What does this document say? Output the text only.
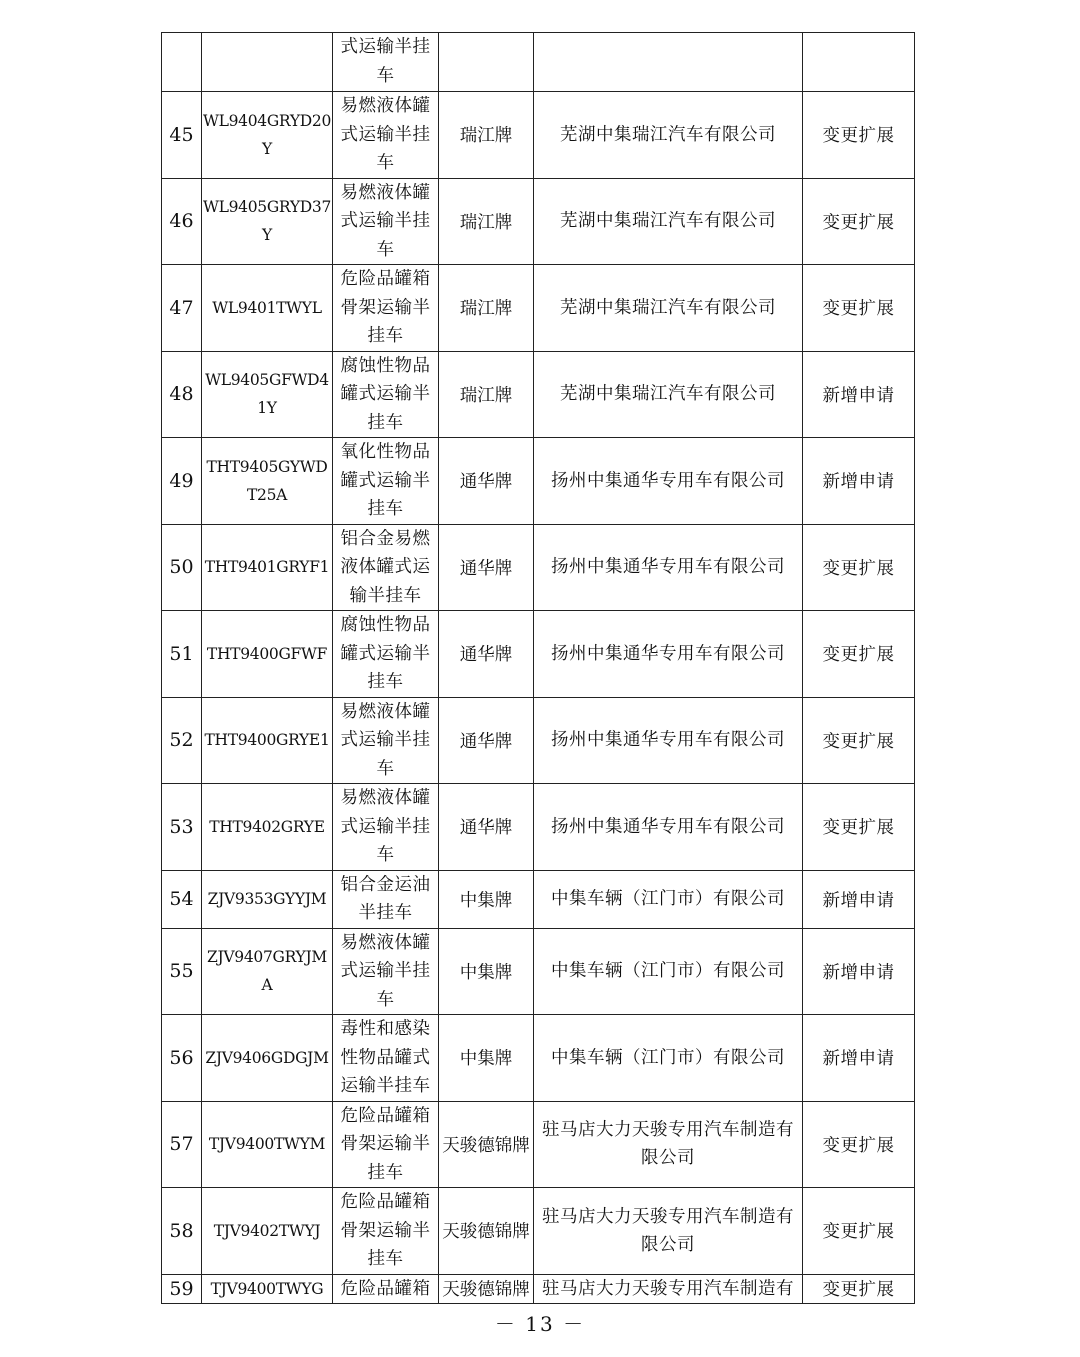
		式运输半挂车			

45	WL9404GRYD20Y	易燃液体罐式运输半挂车	瑞江牌	芜湖中集瑞江汽车有限公司	变更扩展
46	WL9405GRYD37Y	易燃液体罐式运输半挂车	瑞江牌	芜湖中集瑞江汽车有限公司	变更扩展
47	WL9401TWYL	危险品罐箱骨架运输半挂车	瑞江牌	芜湖中集瑞江汽车有限公司	变更扩展
48	WL9405GFWD41Y	腐蚀性物品罐式运输半挂车	瑞江牌	芜湖中集瑞江汽车有限公司	新增申请
49	THT9405GYWDT25A	氧化性物品罐式运输半挂车	通华牌	扬州中集通华专用车有限公司	新增申请
50	THT9401GRYF1	铝合金易燃液体罐式运输半挂车	通华牌	扬州中集通华专用车有限公司	变更扩展
51	THT9400GFWF	腐蚀性物品罐式运输半挂车	通华牌	扬州中集通华专用车有限公司	变更扩展
52	THT9400GRYE1	易燃液体罐式运输半挂车	通华牌	扬州中集通华专用车有限公司	变更扩展
53	THT9402GRYE	易燃液体罐式运输半挂车	通华牌	扬州中集通华专用车有限公司	变更扩展
54	ZJV9353GYYJM	铝合金运油半挂车	中集牌	中集车辆（江门市）有限公司	新增申请
55	ZJV9407GRYJMA	易燃液体罐式运输半挂车	中集牌	中集车辆（江门市）有限公司	新增申请
56	ZJV9406GDGJM	毒性和感染性物品罐式运输半挂车	中集牌	中集车辆（江门市）有限公司	新增申请
57	TJV9400TWYM	危险品罐箱骨架运输半挂车	天骏德锦牌	驻马店大力天骏专用汽车制造有限公司	变更扩展
58	TJV9402TWYJ	危险品罐箱骨架运输半挂车	天骏德锦牌	驻马店大力天骏专用汽车制造有限公司	变更扩展
59	TJV9400TWYG	危险品罐箱	天骏德锦牌	驻马店大力天骏专用汽车制造有	变更扩展
－ 13 －
